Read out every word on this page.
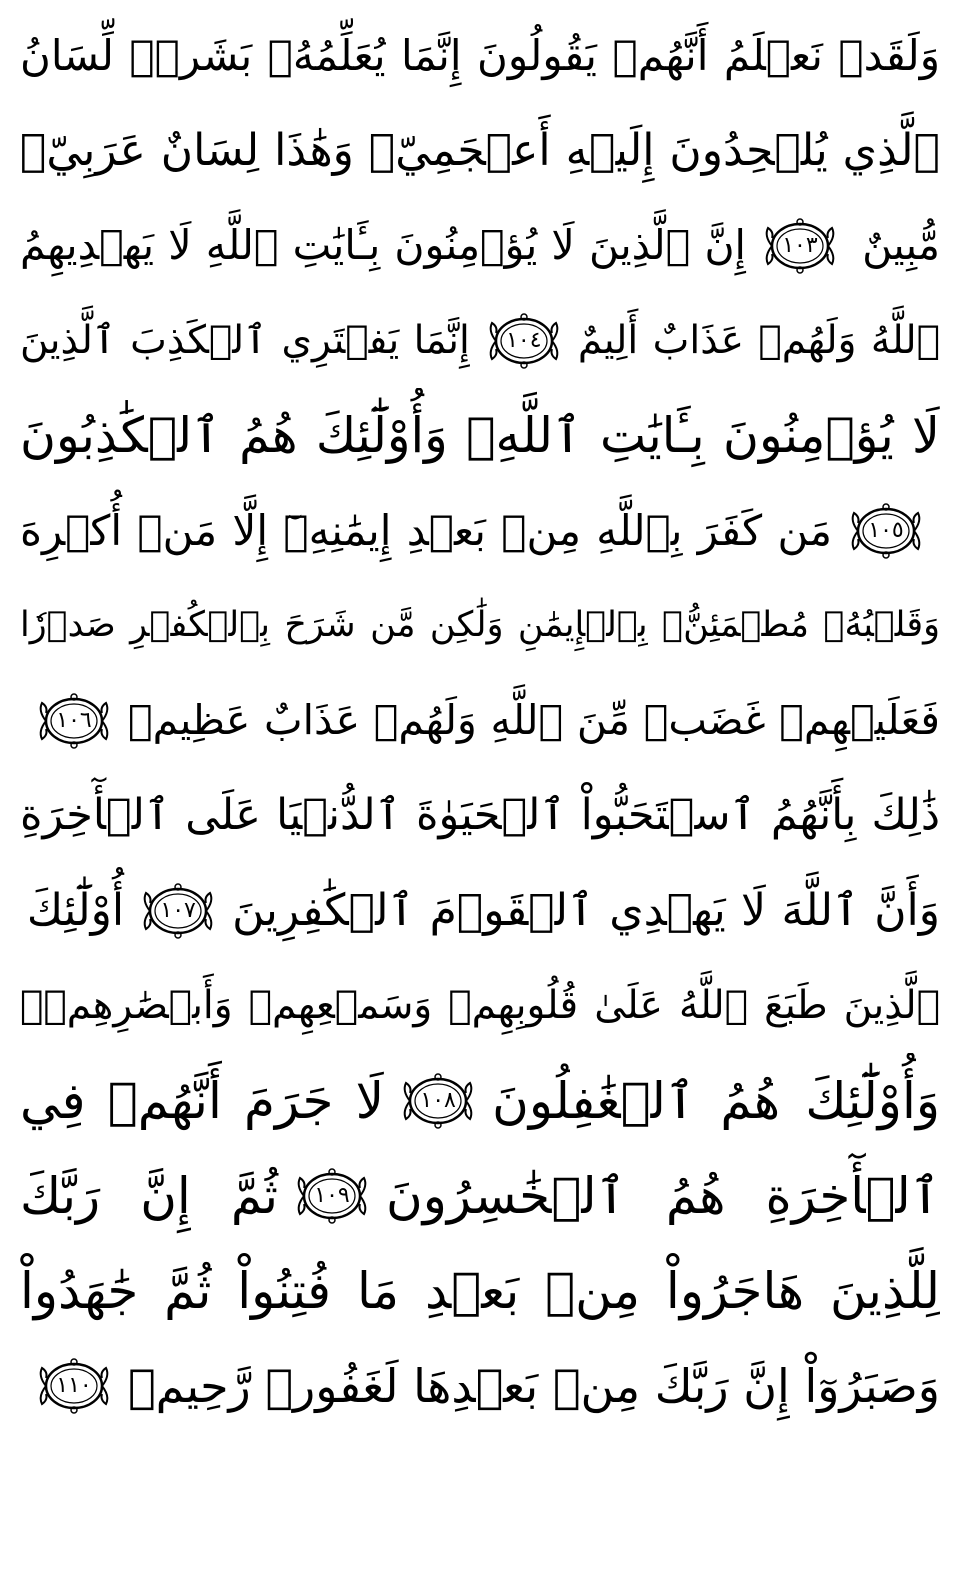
وَلَقَدۡ نَعۡلَمُ أَنَّهُمۡ يَقُولُونَ إِنَّمَا يُعَلِّمُهُۥ بَشَرٞۗ لِّسَانُ
ٱلَّذِي يُلۡحِدُونَ إِلَيۡهِ أَعۡجَمِيّٞ وَهَٰذَا لِسَانٌ عَرَبِيّٞ
مُّبِينٌ
١٠٣
إِنَّ ٱلَّذِينَ لَا يُؤۡمِنُونَ بِـَٔايَٰتِ ٱللَّهِ لَا يَهۡدِيهِمُ
ٱللَّهُ وَلَهُمۡ عَذَابٌ أَلِيمٌ
١٠٤
إِنَّمَا يَفۡتَرِي ٱلۡكَذِبَ ٱلَّذِينَ
لَا يُؤۡمِنُونَ بِـَٔايَٰتِ ٱللَّهِۖ وَأُوْلَٰٓئِكَ هُمُ ٱلۡكَٰذِبُونَ
١٠٥
مَن كَفَرَ بِٱللَّهِ مِنۢ بَعۡدِ إِيمَٰنِهِۦٓ إِلَّا مَنۡ أُكۡرِهَ
وَقَلۡبُهُۥ مُطۡمَئِنُّۢ بِٱلۡإِيمَٰنِ وَلَٰكِن مَّن شَرَحَ بِٱلۡكُفۡرِ صَدۡرٗا
فَعَلَيۡهِمۡ غَضَبٞ مِّنَ ٱللَّهِ وَلَهُمۡ عَذَابٌ عَظِيمٞ
١٠٦
ذَٰلِكَ بِأَنَّهُمُ ٱسۡتَحَبُّواْ ٱلۡحَيَوٰةَ ٱلدُّنۡيَا عَلَى ٱلۡأٓخِرَةِ
وَأَنَّ ٱللَّهَ لَا يَهۡدِي ٱلۡقَوۡمَ ٱلۡكَٰفِرِينَ
١٠٧
أُوْلَٰٓئِكَ
ٱلَّذِينَ طَبَعَ ٱللَّهُ عَلَىٰ قُلُوبِهِمۡ وَسَمۡعِهِمۡ وَأَبۡصَٰرِهِمۡۖ
وَأُوْلَٰٓئِكَ هُمُ ٱلۡغَٰفِلُونَ
١٠٨
لَا جَرَمَ أَنَّهُمۡ فِي
ٱلۡأٓخِرَةِ هُمُ ٱلۡخَٰسِرُونَ
١٠٩
ثُمَّ إِنَّ رَبَّكَ
لِلَّذِينَ هَاجَرُواْ مِنۢ بَعۡدِ مَا فُتِنُواْ ثُمَّ جَٰهَدُواْ
وَصَبَرُوٓاْ إِنَّ رَبَّكَ مِنۢ بَعۡدِهَا لَغَفُورٞ رَّحِيمٞ
١١٠
